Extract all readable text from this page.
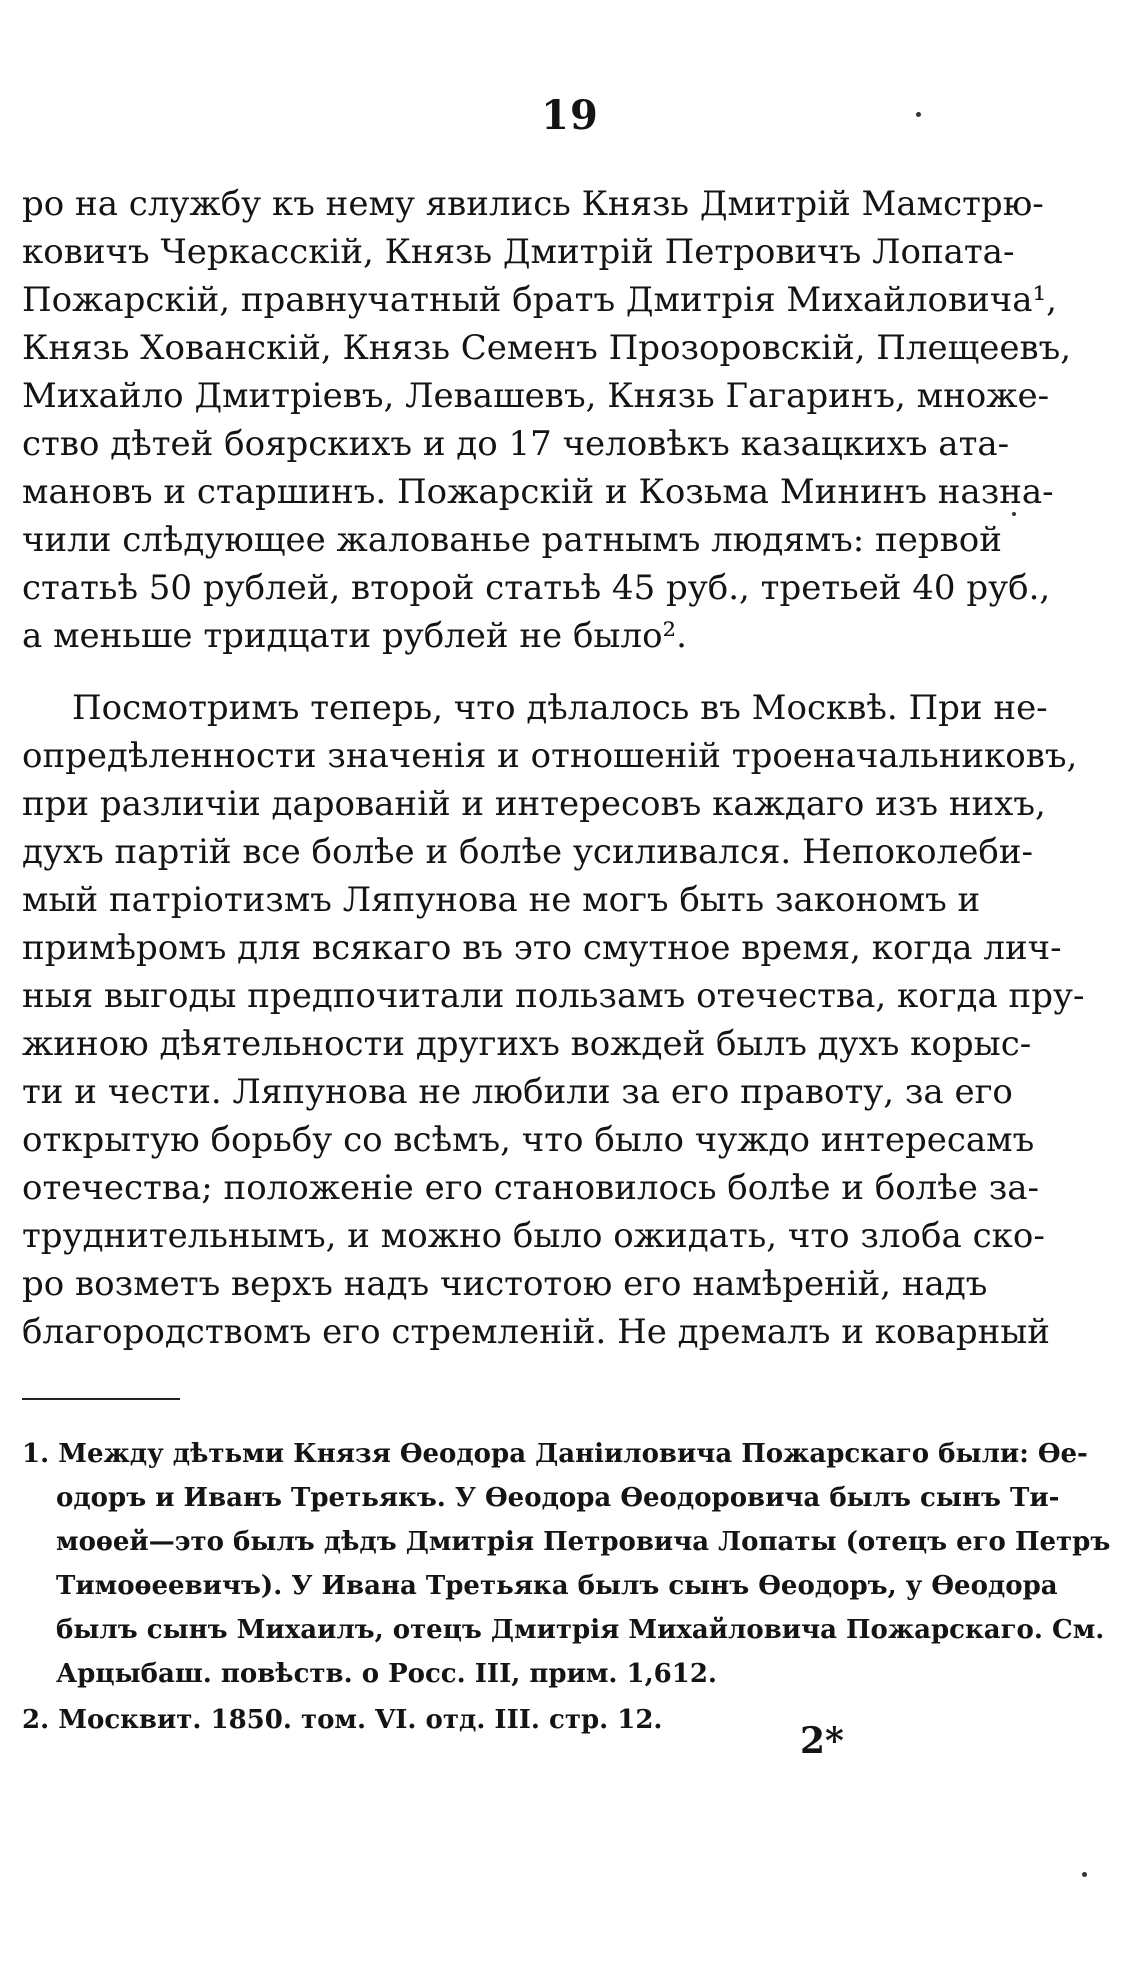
19
ро на службу къ нему явились Князь Дмитрій Мамстрю-
ковичъ Черкасскій, Князь Дмитрій Петровичъ Лопата-
Пожарскій, правнучатный братъ Дмитрія Михайловича¹,
Князь Хованскій, Князь Семенъ Прозоровскій, Плещеевъ,
Михайло Дмитріевъ, Левашевъ, Князь Гагаринъ, множе-
ство дѣтей боярскихъ и до 17 человѣкъ казацкихъ ата-
мановъ и старшинъ. Пожарскій и Козьма Мининъ назна-
чили слѣдующее жалованье ратнымъ людямъ: первой
статьѣ 50 рублей, второй статьѣ 45 руб., третьей 40 руб.,
а меньше тридцати рублей не было².
Посмотримъ теперь, что дѣлалось въ Москвѣ. При не-
опредѣленности значенія и отношеній троеначальниковъ,
при различіи дарованій и интересовъ каждаго изъ нихъ,
духъ партій все болѣе и болѣе усиливался. Непоколеби-
мый патріотизмъ Ляпунова не могъ быть закономъ и
примѣромъ для всякаго въ это смутное время, когда лич-
ныя выгоды предпочитали пользамъ отечества, когда пру-
жиною дѣятельности другихъ вождей былъ духъ корыс-
ти и чести. Ляпунова не любили за его правоту, за его
открытую борьбу со всѣмъ, что было чуждо интересамъ
отечества; положеніе его становилось болѣе и болѣе за-
труднительнымъ, и можно было ожидать, что злоба ско-
ро возметъ верхъ надъ чистотою его намѣреній, надъ
благородствомъ его стремленій. Не дремалъ и коварный
1. Между дѣтьми Князя Ѳеодора Даніиловича Пожарскаго были: Ѳе-
одоръ и Иванъ Третьякъ. У Ѳеодора Ѳеодоровича былъ сынъ Ти-
моѳей—это былъ дѣдъ Дмитрія Петровича Лопаты (отецъ его Петръ
Тимоѳеевичъ). У Ивана Третьяка былъ сынъ Ѳеодоръ, у Ѳеодора
былъ сынъ Михаилъ, отецъ Дмитрія Михайловича Пожарскаго. См.
Арцыбаш. повѣств. о Росс. III, прим. 1,612.
2. Москвит. 1850. том. VI. отд. III. стр. 12.	2*
